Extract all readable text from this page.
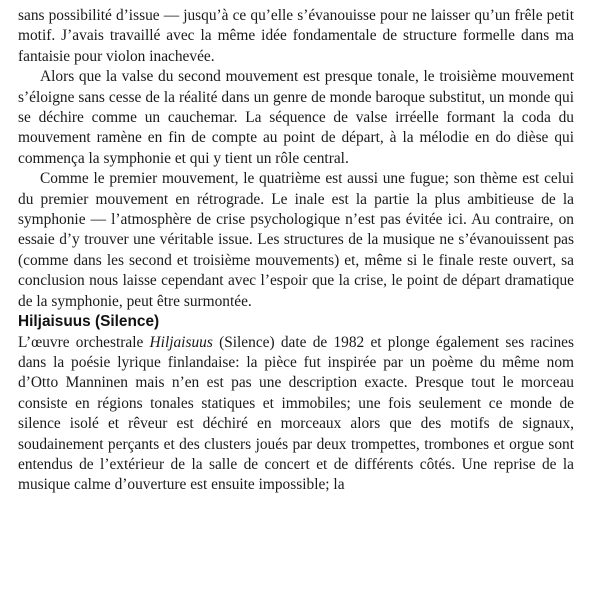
sans possibilité d’issue — jusqu’à ce qu’elle s’évanouisse pour ne laisser qu’un frêle petit motif. J’avais travaillé avec la même idée fondamentale de structure formelle dans ma fantaisie pour violon inachevée.

Alors que la valse du second mouvement est presque tonale, le troisième mouvement s’éloigne sans cesse de la réalité dans un genre de monde baroque substitut, un monde qui se déchire comme un cauchemar. La séquence de valse irréelle formant la coda du mouvement ramène en fin de compte au point de départ, à la mélodie en do dièse qui commença la symphonie et qui y tient un rôle central.

Comme le premier mouvement, le quatrième est aussi une fugue; son thème est celui du premier mouvement en rétrograde. Le inale est la partie la plus ambitieuse de la symphonie — l’atmosphère de crise psychologique n’est pas évitée ici. Au contraire, on essaie d’y trouver une véritable issue. Les structures de la musique ne s’évanouissent pas (comme dans les second et troisième mouvements) et, même si le finale reste ouvert, sa conclusion nous laisse cependant avec l’espoir que la crise, le point de départ dramatique de la symphonie, peut être surmontée.

Hiljaisuus (Silence)

L’œuvre orchestrale Hiljaisuus (Silence) date de 1982 et plonge également ses racines dans la poésie lyrique finlandaise: la pièce fut inspirée par un poème du même nom d’Otto Manninen mais n’en est pas une description exacte. Presque tout le morceau consiste en régions tonales statiques et immobiles; une fois seulement ce monde de silence isolé et rêveur est déchiré en morceaux alors que des motifs de signaux, soudainement perçants et des clusters joués par deux trompettes, trombones et orgue sont entendus de l’extérieur de la salle de concert et de différents côtés. Une reprise de la musique calme d’ouverture est ensuite impossible; la
